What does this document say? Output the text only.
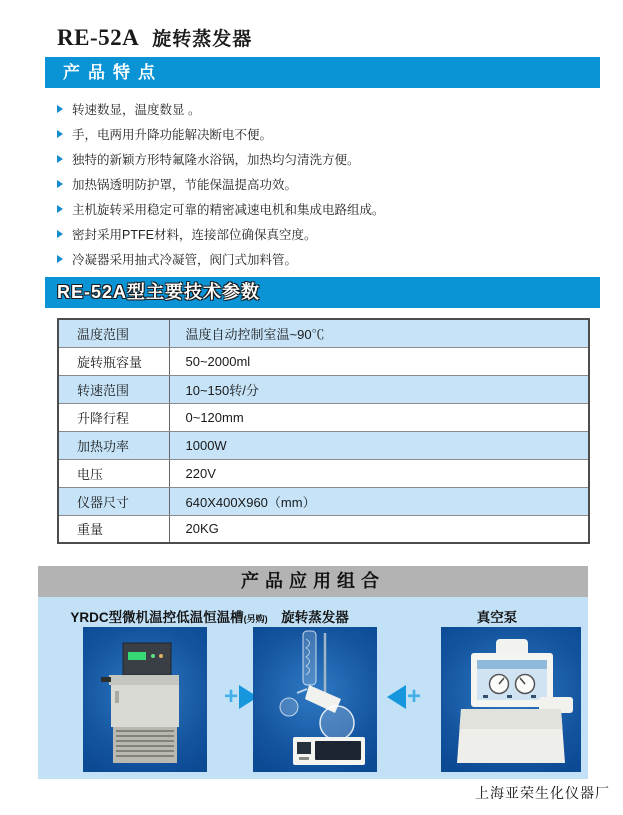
RE-52A 旋转蒸发器
产品特点
转速数显，温度数显 。
手，电两用升降功能解决断电不便。
独特的新颖方形特氟隆水浴锅，加热均匀清洗方便。
加热锅透明防护罩，节能保温提高功效。
主机旋转采用稳定可靠的精密减速电机和集成电路组成。
密封采用PTFE材料，连接部位确保真空度。
冷凝器采用抽式冷凝管，阀门式加料管。
RE-52A型主要技术参数
温度范围	温度自动控制室温~90℃
旋转瓶容量	50~2000ml
转速范围	10~150转/分
升降行程	0~120mm
加热功率	1000W
电压	220V
仪器尺寸	640X400X960（mm）
重量	20KG
产品应用组合
YRDC型微机温控低温恒温槽(另购)	旋转蒸发器	真空泵
+	+
上海亚荣生化仪器厂
